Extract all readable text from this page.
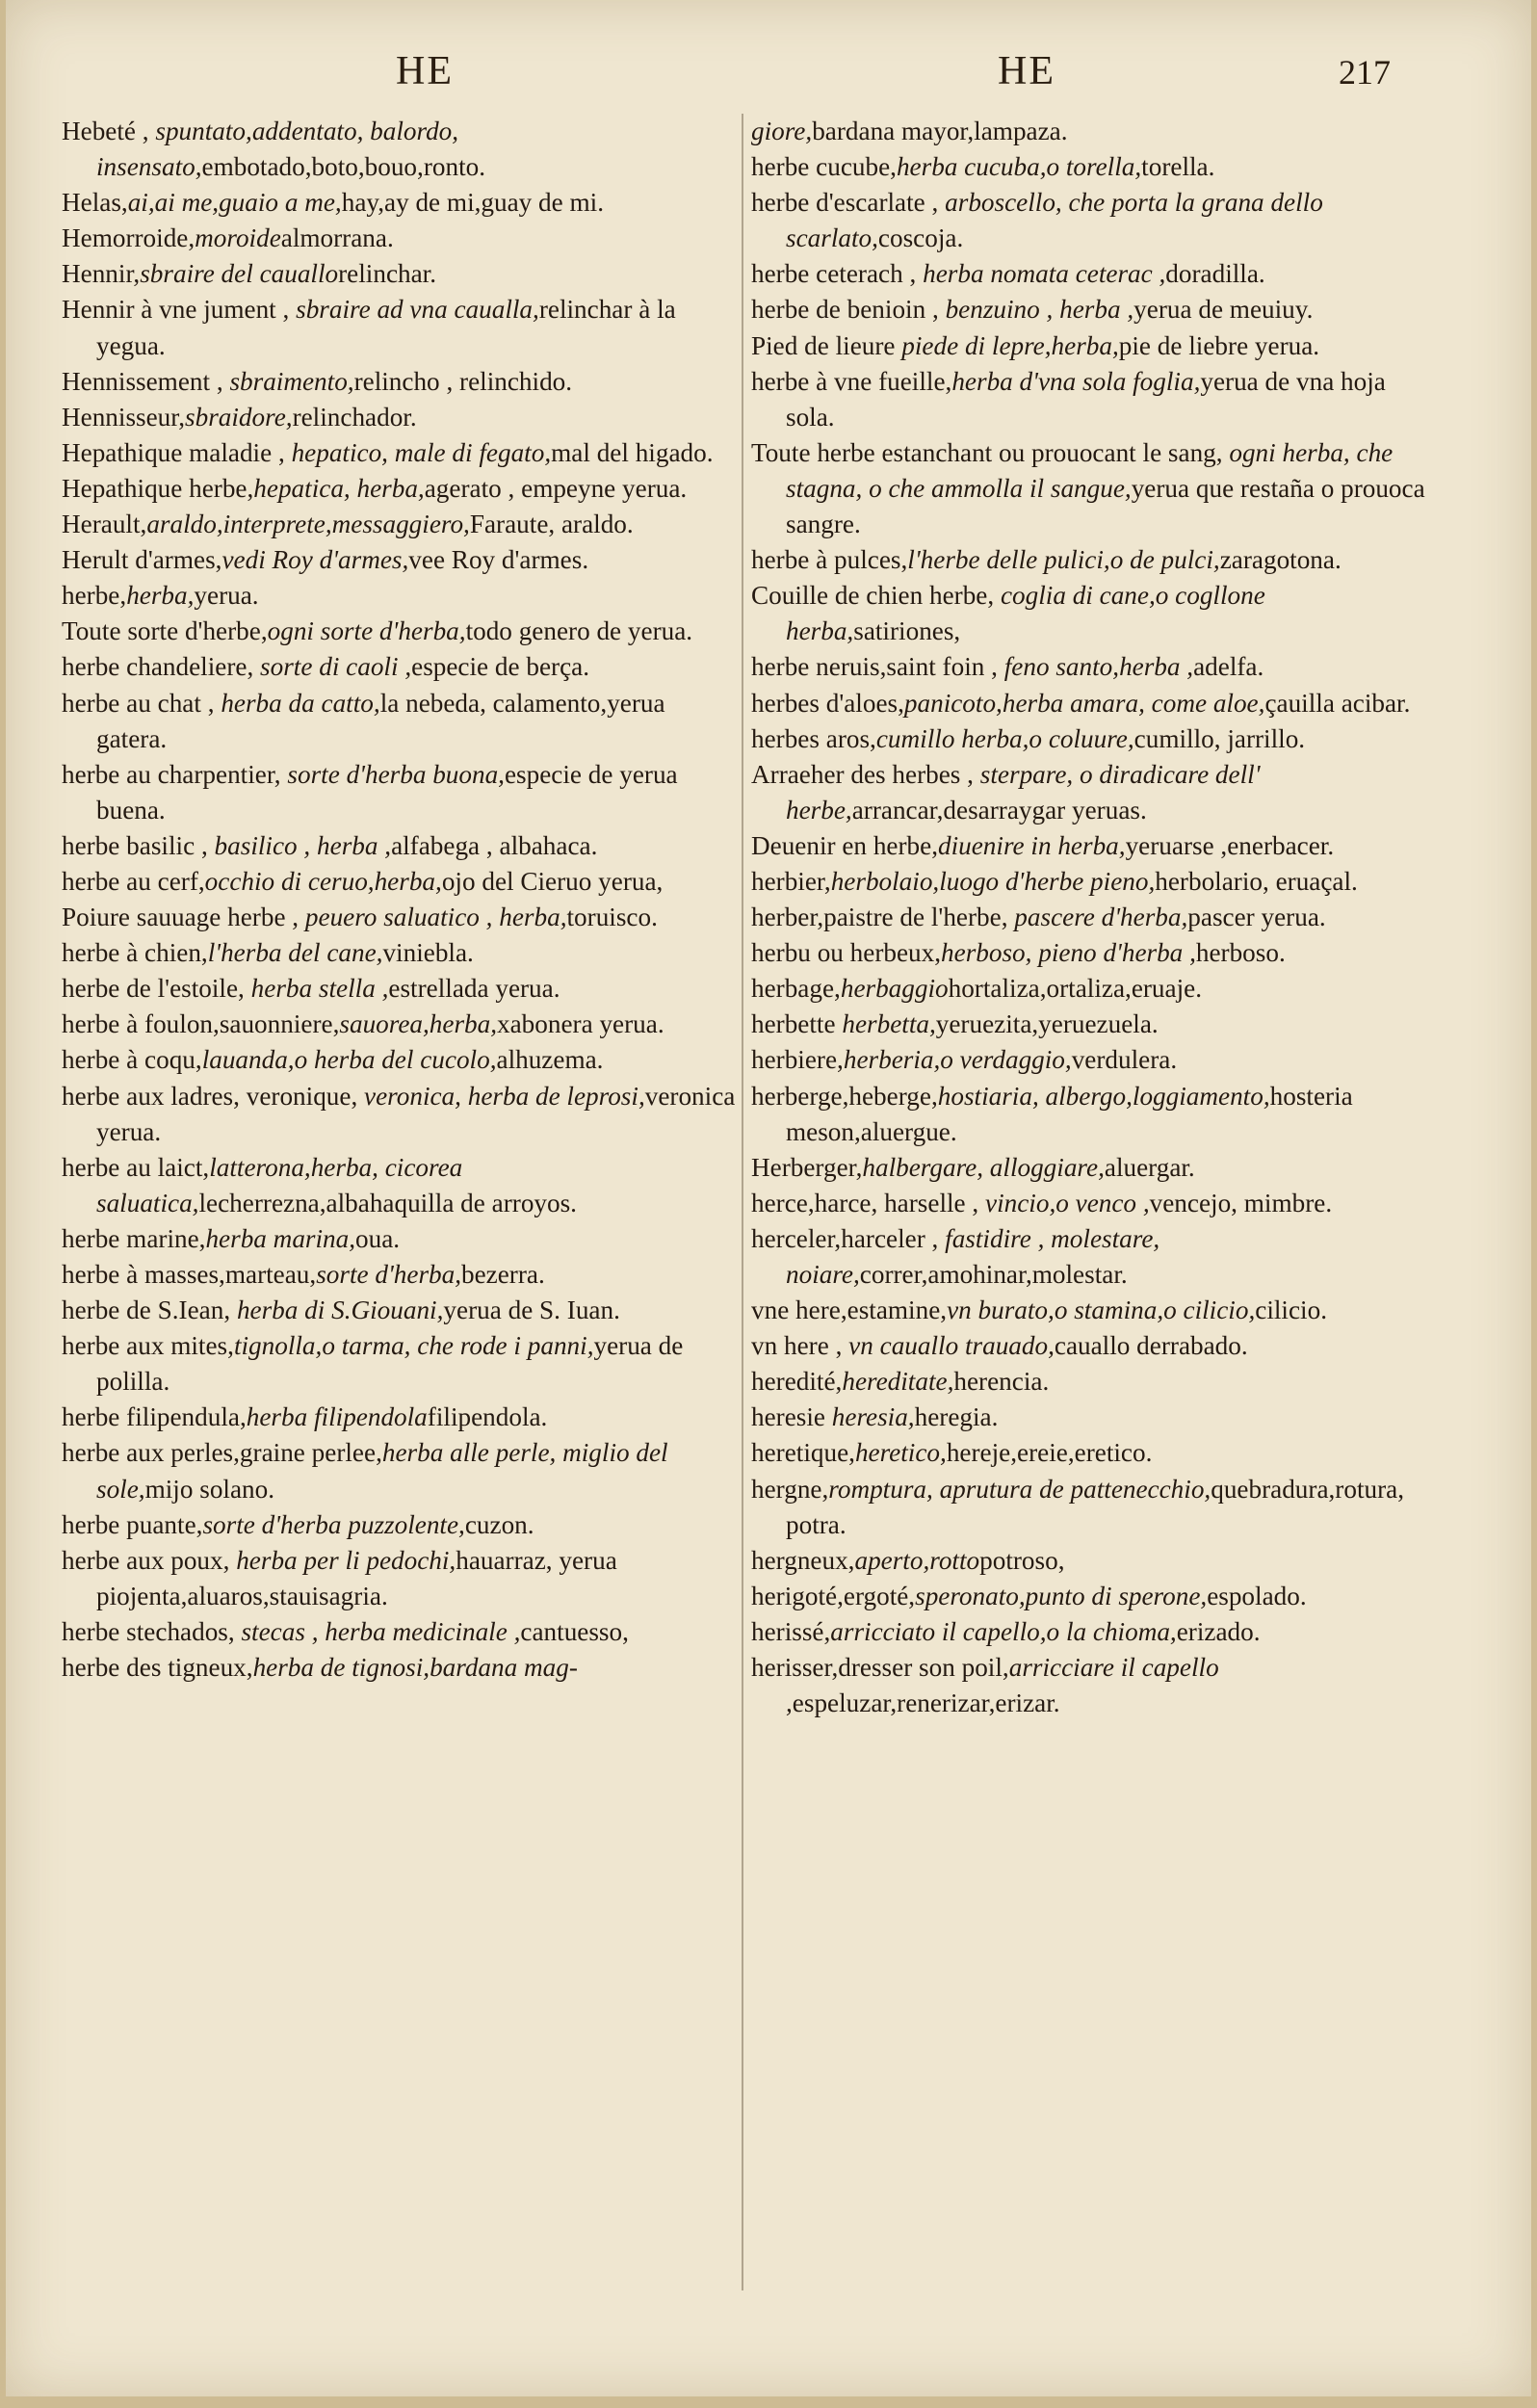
HE	HE	217
Hebeté , spuntato,addentato, balordo, insensato,embotado,boto,bouo,ronto.
Helas,ai,ai me,guaio a me,hay,ay de mi,guay de mi.
Hemorroide,moroidealmorrana.
Hennir,sbraire del cauallorelinchar.
Hennir à vne jument , sbraire ad vna caualla,relinchar à la yegua.
Hennissement , sbraimento,relincho , relinchido.
Hennisseur,sbraidore,relinchador.
Hepathique maladie , hepatico, male di fegato,mal del higado.
Hepathique herbe,hepatica, herba,agerato , empeyne yerua.
Herault,araldo,interprete,messaggiero,Faraute, araldo.
Herult d'armes,vedi Roy d'armes,vee Roy d'armes.
herbe,herba,yerua.
Toute sorte d'herbe,ogni sorte d'herba,todo genero de yerua.
herbe chandeliere, sorte di caoli ,especie de berça.
herbe au chat , herba da catto,la nebeda, calamento,yerua gatera.
herbe au charpentier, sorte d'herba buona,especie de yerua buena.
herbe basilic , basilico , herba ,alfabega , albahaca.
herbe au cerf,occhio di ceruo,herba,ojo del Cieruo yerua,
Poiure sauuage herbe , peuero saluatico , herba,toruisco.
herbe à chien,l'herba del cane,viniebla.
herbe de l'estoile, herba stella ,estrellada yerua.
herbe à foulon,sauonniere,sauorea,herba,xabonera yerua.
herbe à coqu,lauanda,o herba del cucolo,alhuzema.
herbe aux ladres, veronique, veronica, herba de leprosi,veronica yerua.
herbe au laict,latterona,herba, cicorea saluatica,lecherrezna,albahaquilla de arroyos.
herbe marine,herba marina,oua.
herbe à masses,marteau,sorte d'herba,bezerra.
herbe de S.Iean, herba di S.Giouani,yerua de S. Iuan.
herbe aux mites,tignolla,o tarma, che rode i panni,yerua de polilla.
herbe filipendula,herba filipendolafilipendola.
herbe aux perles,graine perlee,herba alle perle, miglio del sole,mijo solano.
herbe puante,sorte d'herba puzzolente,cuzon.
herbe aux poux, herba per li pedochi,hauarraz, yerua piojenta,aluaros,stauisagria.
herbe stechados, stecas , herba medicinale ,cantuesso,
herbe des tigneux,herba de tignosi,bardana mag-
giore,bardana mayor,lampaza.
herbe cucube,herba cucuba,o torella,torella.
herbe d'escarlate , arboscello, che porta la grana dello scarlato,coscoja.
herbe ceterach , herba nomata ceterac ,doradilla.
herbe de benioin , benzuino , herba ,yerua de meuiuy.
Pied de lieure piede di lepre,herba,pie de liebre yerua.
herbe à vne fueille,herba d'vna sola foglia,yerua de vna hoja sola.
Toute herbe estanchant ou prouocant le sang, ogni herba, che stagna, o che ammolla il sangue,yerua que restaña o prouoca sangre.
herbe à pulces,l'herbe delle pulici,o de pulci,zaragotona.
Couille de chien herbe, coglia di cane,o cogllone herba,satiriones,
herbe neruis,saint foin , feno santo,herba ,adelfa.
herbes d'aloes,panicoto,herba amara, come aloe,çauilla acibar.
herbes aros,cumillo herba,o coluure,cumillo, jarrillo.
Arraeher des herbes , sterpare, o diradicare dell' herbe,arrancar,desarraygar yeruas.
Deuenir en herbe,diuenire in herba,yeruarse ,enerbacer.
herbier,herbolaio,luogo d'herbe pieno,herbolario, eruaçal.
herber,paistre de l'herbe, pascere d'herba,pascer yerua.
herbu ou herbeux,herboso, pieno d'herba ,herboso.
herbage,herbaggiohortaliza,ortaliza,eruaje.
herbette herbetta,yeruezita,yeruezuela.
herbiere,herberia,o verdaggio,verdulera.
herberge,heberge,hostiaria, albergo,loggiamento,hosteria meson,aluergue.
Herberger,halbergare, alloggiare,aluergar.
herce,harce, harselle , vincio,o venco ,vencejo, mimbre.
herceler,harceler , fastidire , molestare, noiare,correr,amohinar,molestar.
vne here,estamine,vn burato,o stamina,o cilicio,cilicio.
vn here , vn cauallo trauado,cauallo derrabado.
heredité,hereditate,herencia.
heresie heresia,heregia.
heretique,heretico,hereje,ereie,eretico.
hergne,romptura, aprutura de pattenecchio,quebradura,rotura, potra.
hergneux,aperto,rottopotroso,
herigoté,ergoté,speronato,punto di sperone,espolado.
herissé,arricciato il capello,o la chioma,erizado.
herisser,dresser son poil,arricciare il capello ,espeluzar,renerizar,erizar.
